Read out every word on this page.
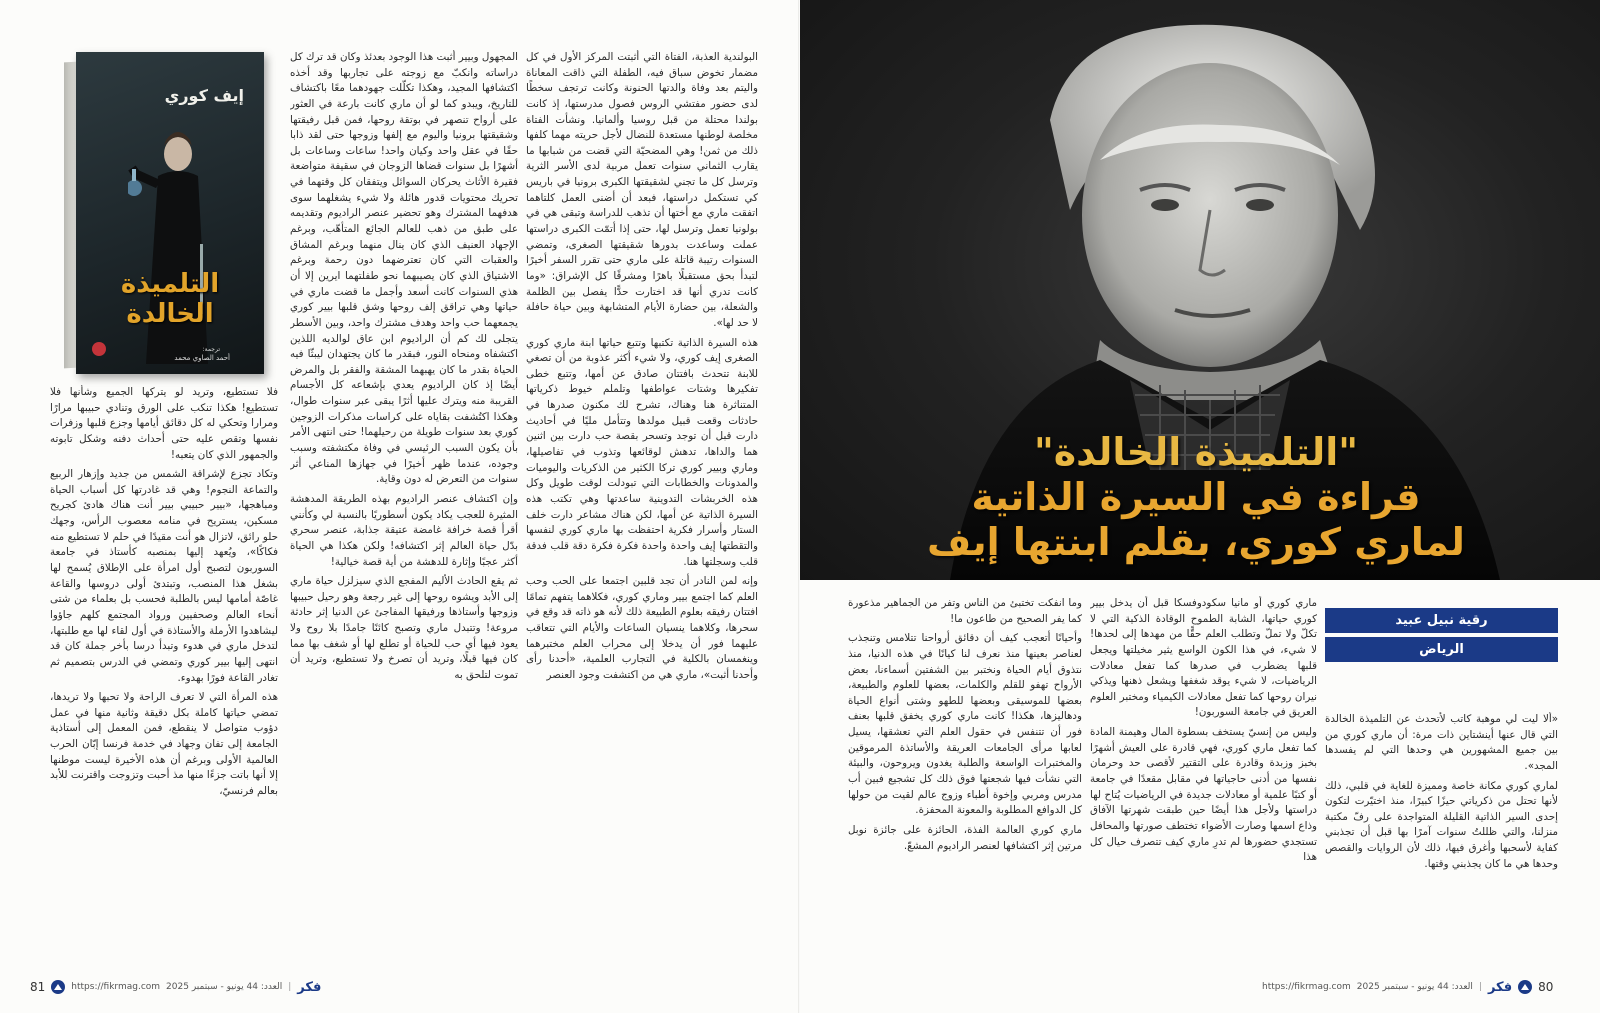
البولندية العذبة، الفتاة التي أثبتت المركز الأول في كل مضمار تخوض سباق فيه، الطفلة التي ذاقت المعاناة واليتم بعد وفاة والدتها الحنونة وكانت ترتجف سخطًا لدى حضور مفتشي الروس فصول مدرستها، إذ كانت بولندا محتلة من قبل روسيا وألمانيا. ونشأت الفتاة مخلصة لوطنها مستعدة للنضال لأجل حريته مهما كلفها ذلك من ثمن! وهي المضحيّة التي قضت من شبابها ما يقارب الثماني سنوات تعمل مربية لدى الأسر الثرية وترسل كل ما تجني لشقيقتها الكبرى برونيا في باريس كي تستكمل دراستها، فبعد أن أضنى العمل كلتاهما اتفقت ماري مع أختها أن تذهب للدراسة وتبقى هي في بولونيا تعمل وترسل لها، حتى إذا أتمّت الكبرى دراستها عملت وساعدت بدورها شقيقتها الصغرى، وتمضي السنوات رتيبة قاتلة على ماري حتى تقرر السفر أخيرًا لتبدأ بحق مستقبلًا باهرًا ومشرقًا كل الإشراق: «وما كانت تدري أنها قد اختارت حدًّا يفصل بين الظلمة والشعلة، بين حضارة الأيام المتشابهة وبين حياة حافلة لا حد لها».

هذه السيرة الذاتية تكتبها وتتبع حياتها ابنة ماري كوري الصغرى إيف كوري، ولا شيء أكثر عذوبة من أن تصغي للابنة تتحدث بافتتان صادق عن أمها، وتتبع خطى تفكيرها وشتات عواطفها وتلملم خيوط ذكرياتها المتناثرة هنا وهناك، تشرح لك مكنون صدرها في حادثات وقعت قبيل مولدها وتتأمل مليًا في أحاديث دارت قبل أن توجد وتسحر بقصة حب دارت بين اثنين هما والداها، تدهش لوقائعها وتذوب في تفاصيلها، وماري وبيير كوري تركا الكثير من الذكريات واليوميات والمدونات والخطابات التي تبودلت لوقت طويل وكل هذه الخربشات التدوينية ساعدتها وهي تكتب هذه السيرة الذاتية عن أمها، لكن هناك مشاعر دارت خلف الستار وأسرار فكرية احتفظت بها ماري كوري لنفسها والتقطتها إيف واحدة واحدة فكرة فكرة دقة قلب فدقة قلب وسجلتها هنا.

وإنه لمن النادر أن تجد قلبين اجتمعا على الحب وحب العلم كما اجتمع بيير وماري كوري، فكلاهما يتفهم تمامًا افتتان رفيقه بعلوم الطبيعة ذلك لأنه هو ذاته قد وقع في سحرها، وكلاهما ينسيان الساعات والأيام التي تتعاقب عليهما فور أن يدخلا إلى محراب العلم مختبرهما وينغمسان بالكلية في التجارب العلمية، «أحدنا رأى وأحدنا أثبت»، ماري هي من اكتشفت وجود العنصر

المجهول وبيير أثبت هذا الوجود بعدئذ وكان قد ترك كل دراساته وانكبّ مع زوجته على تجاربها وقد أخذه اكتشافها المجيد، وهكذا تكلّلت جهودهما معًا باكتشاف للتاريخ، ويبدو كما لو أن ماري كانت بارعة في العثور على أرواح تنصهر في بوتقة روحها، فمن قبل رفيقتها وشقيقتها برونيا واليوم مع إلفها وزوجها حتى لقد ذابا حقًا في عقل واحد وكيان واحد! ساعات وساعات بل أشهرًا بل سنوات قضاها الزوجان في سقيفة متواضعة فقيرة الأثاث يحركان السوائل ويتفقان كل وقتهما في تحريك محتويات قدور هائلة ولا شيء يشغلهما سوى هدفهما المشترك وهو تحضير عنصر الراديوم وتقديمه على طبق من ذهب للعالم الجائع المتأهّب، وبرغم الإجهاد العنيف الذي كان ينال منهما وبرغم المشاق والعقبات التي كان تعترضهما دون رحمة وبرغم الاشتياق الذي كان يصيبهما نحو طفلتهما ايرين إلا أن هذي السنوات كانت أسعد وأجمل ما قضت ماري في حياتها وهي تراقق إلف روحها وشق قلبها بيير كوري يجمعهما حب واحد وهدف مشترك واحد، وبين الأسطر يتجلى لك كم أن الراديوم ابن عاق لوالديه اللذين اكتشفاه ومنحاه النور، فبقدر ما كان يجتهدان ليبثّا فيه الحياة بقدر ما كان يهبهما المشقة والفقر بل والمرض أيضًا إذ كان الراديوم يعدي بإشعاعه كل الأجسام القريبة منه ويترك عليها أثرًا يبقى عبر سنوات طوال، وهكذا اكتُشفت بقاياه على كراسات مذكرات الزوجين كوري بعد سنوات طويلة من رحيلهما! حتى انتهى الأمر بأن يكون السبب الرئيسي في وفاة مكتشفته وسبب وجوده، عندما ظهر أخيرًا في جهازها المناعي أثر سنوات من التعرض له دون وقاية.

وإن اكتشاف عنصر الراديوم بهذه الطريقة المدهشة المثيرة للعجب يكاد يكون أسطوريًا بالنسبة لي وكأنني أقرأ قصة خرافة غامضة عتيقة جذابة، عنصر سحري بدّل حياة العالم إثر اكتشافه! ولكن هكذا هي الحياة أكثر عجبًا وإثارة للدهشة من أية قصة خيالية!

ثم يقع الحادث الأليم المفجع الذي سيزلزل حياة ماري إلى الأبد ويشوه روحها إلى غير رجعة وهو رحيل حبيبها وزوجها وأستاذها ورفيقها المفاجئ عن الدنيا إثر حادثة مروعة! وتتبدل ماري وتصبح كائنًا جامدًا بلا روح ولا يعود فيها أي حب للحياة أو تطلع لها أو شغف بها مما كان فيها قبلًا، وتريد أن تصرخ ولا تستطيع، وتريد أن تموت لتلحق به

إيف كوري
التلميذة
الخالدة
ترجمة:
أحمد الصاوي محمد

فلا تستطيع، وتريد لو يتركها الجميع وشأنها فلا تستطيع! هكذا تنكب على الورق وتنادي حبيبها مرارًا ومرارا وتحكي له كل دقائق أيامها وجزع قلبها وزفرات نفسها وتقص عليه حتى أحداث دفنه وشكل تابوته والجمهور الذي كان يتعبه!

وتكاد تجزع لإشراقة الشمس من جديد وإزهار الربيع والتماعة النجوم! وهي قد غادرتها كل أسباب الحياة ومباهجها، «بيير حبيبي بيير أنت هناك هادئ كجريح مسكين، يستريح في منامه معصوب الرأس، وجهك حلو رائق، لاتزال هو أنت مقيدًا في حلم لا تستطيع منه فكاكًا»، ويُعهد إليها بمنصبه كأستاذ في جامعة السوربون لتصبح أول امرأة على الإطلاق يُسمح لها بشغل هذا المنصب، وتبتدئ أولى دروسها والقاعة غاصّة أمامها ليس بالطلبة فحسب بل بعلماء من شتى أنحاء العالم وصحفيين ورواد المجتمع كلهم جاؤوا ليشاهدوا الأرملة والأستاذة في أول لقاء لها مع طلبتها، لتدخل ماري في هدوء وتبدأ درسا بأخر جملة كان قد انتهى إليها بيير كوري وتمضي في الدرس بتصميم ثم تغادر القاعة فورًا بهدوء.

هذه المرأة التي لا تعرف الراحة ولا تحبها ولا تريدها، تمضي حياتها كاملة بكل دقيقة وثانية منها في عمل دؤوب متواصل لا ينقطع، فمن المعمل إلى أستاذية الجامعة إلى تفان وجهاد في خدمة فرنسا إبّان الحرب العالمية الأولى وبرغم أن هذه الأخيرة ليست موطنها إلا أنها باتت جزءًا منها مذ أحبت وتزوجت واقترنت للأبد بعالم فرنسيّ،

81	https://fikrmag.com العدد: 44 يونيو - سبتمبر 2025 | فكر
"التلميذة الخالدة"
قراءة في السيرة الذاتية
لماري كوري، بقلم ابنتها إيف
رقية نبيل عبيد
الرياض

«ألا ليت لي موهبة كاتب لأتحدث عن التلميذة الخالدة التي قال عنها أينشتاين ذات مرة: أن ماري كوري من بين جميع المشهورين هي وحدها التي لم يفسدها المجد».

لماري كوري مكانة خاصة ومميزة للغاية في قلبي، ذلك لأنها تحتل من ذكرياتي حيزًا كبيرًا، منذ اختيّرت لتكون إحدى السير الذاتية القليلة المتواجدة على رفّ مكتبة منزلنا، والتي ظللتُ سنوات آمرًا بها قبل أن تجذبني كفاية لأسحبها وأغرق فيها، ذلك لأن الروايات والقصص وحدها هي ما كان يجذبني وقتها.

ماري كوري أو مانيا سكودوفسكا قبل أن يدخل بيير كوري حياتها، الشابة الطموح الوقادة الذكية التي لا تكلّ ولا تملّ وتطلب العلم حقًّا من مهدها إلى لحدها! لا شيء، في هذا الكون الواسع يثير مخيلتها ويجعل قلبها يضطرب في صدرها كما تفعل معادلات الرياضيات، لا شيء يوقد شغفها ويشعل ذهنها ويذكي نيران روحها كما تفعل معادلات الكيمياء ومختبر العلوم العريق في جامعة السوربون!

وليس من إنسيّ يستخف بسطوة المال وهيمنة المادة كما تفعل ماري كوري، فهي قادرة على العيش أشهرًا بخبز وزبدة وقادرة على التقتير لأقصى حد وحرمان نفسها من أدنى حاجياتها في مقابل مقعدًا في جامعة أو كتبًا علمية أو معادلات جديدة في الرياضيات يُتاح لها دراستها ولأجل هذا أيضًا حين طبقت شهرتها الآفاق وذاع اسمها وصارت الأضواء تختطف صورتها والمحافل تستجدي حضورها لم تدرِ ماري كيف تتصرف حيال كل هذا

وما انفكت تختبئ من الناس وتفر من الجماهير مذعورة كما يفر الصحيح من طاعون ما!

وأحيانًا أتعجب كيف أن دقائق أرواحنا تتلامس وتنجذب لعناصر بعينها منذ نعرف لنا كيانًا في هذه الدنيا، منذ نتذوق أيام الحياة ونختبر بين الشفتين أسماءنا، بعض الأرواح تهفو للقلم والكلمات، بعضها للعلوم والطبيعة، بعضها للموسيقى وبعضها للطهو وشتى أنواع الحياة ودهاليزها، هكذا! كانت ماري كوري يخفق قلبها بعنف فور أن تتنفس في حقول العلم التي تعشقها، يسيل لعابها مرأى الجامعات العريقة والأساتذة المرموقين والمختبرات الواسعة والطلبة يغدون ويروحون، والبيئة التي نشأت فيها شجعتها فوق ذلك كل تشجيع فبين أب مدرس ومربي وإخوة أطباء وزوج عالم لقيت من حولها كل الدوافع المطلوبة والمعونة المحفزة.

ماري كوري العالمة الفذة، الحائزة على جائزة نوبل مرتين إثر اكتشافها لعنصر الراديوم المشعّ.

https://fikrmag.com العدد: 44 يونيو - سبتمبر 2025 | فكر 80
